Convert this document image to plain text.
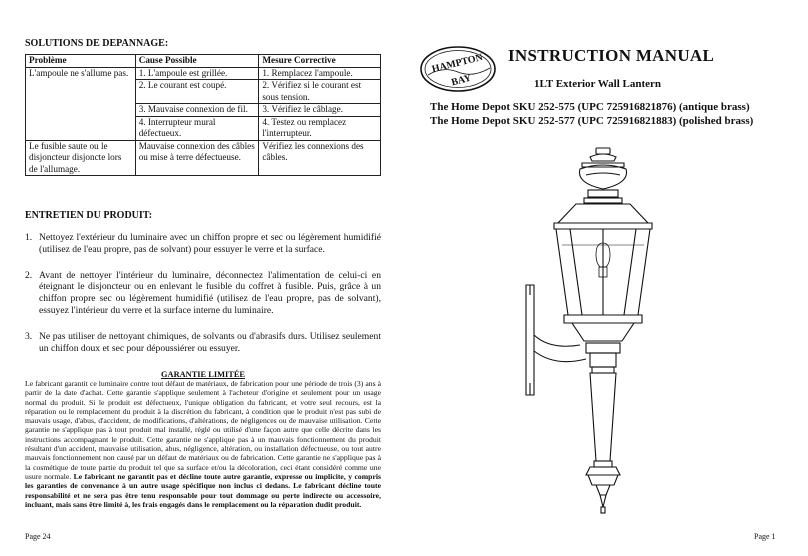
SOLUTIONS DE DEPANNAGE:
Problème	Cause Possible	Mesure Corrective
L'ampoule ne s'allume pas.	1. L'ampoule est grillée.	1. Remplacez l'ampoule.
	2. Le courant est coupé.	2. Vérifiez si le courant est sous tension.
	3. Mauvaise connexion de fil.	3. Vérifiez le câblage.
	4. Interrupteur mural défectueux.	4. Testez ou remplacez l'interrupteur.
Le fusible saute ou le disjoncteur disjoncte lors de l'allumage.	Mauvaise connexion des câbles ou mise à terre défectueuse.	Vérifiez les connexions des câbles.
ENTRETIEN DU PRODUIT:
1. Nettoyez l'extérieur du luminaire avec un chiffon propre et sec ou légèrement humidifié (utilisez de l'eau propre, pas de solvant) pour essuyer le verre et la surface.
2. Avant de nettoyer l'intérieur du luminaire, déconnectez l'alimentation de celui-ci en éteignant le disjoncteur ou en enlevant le fusible du coffret à fusible. Puis, grâce à un chiffon propre sec ou légèrement humidifié (utilisez de l'eau propre, pas de solvant), essuyez l'intérieur du verre et la surface interne du luminaire.
3. Ne pas utiliser de nettoyant chimiques, de solvants ou d'abrasifs durs. Utilisez seulement un chiffon doux et sec pour dépoussiérer ou essuyer.
GARANTIE LIMITÉE
Le fabricant garantit ce luminaire contre tout défaut de matériaux, de fabrication pour une période de trois (3) ans à partir de la date d'achat. Cette garantie s'applique seulement à l'acheteur d'origine et seulement pour un usage normal du produit. Si le produit est défectueux, l'unique obligation du fabricant, et votre seul recours, est la réparation ou le remplacement du produit à la discrétion du fabricant, à condition que le produit n'est pas subi de mauvais usage, d'abus, d'accident, de modifications, d'altérations, de négligences ou de mauvaise utilisation. Cette garantie ne s'applique pas à tout produit mal installé, réglé ou utilisé d'une façon autre que celle décrite dans les instructions accompagnant le produit. Cette garantie ne s'applique pas à un mauvais fonctionnement du produit résultant d'un accident, mauvaise utilisation, abus, négligence, altération, ou installation défectueuse, ou tout autre mauvais fonctionnement non causé par un défaut de matériaux ou de fabrication. Cette garantie ne s'applique pas à la cosmétique de toute partie du produit tel que sa surface et/ou la décoloration, ceci étant considéré comme une usure normale. Le fabricant ne garantit pas et décline toute autre garantie, expresse ou implicite, y compris les garanties de convenance à un autre usage spécifique non inclus ci dedans. Le fabricant décline toute responsabilité et ne sera pas être tenu responsable pour tout dommage ou perte indirecte ou accessoire, incluant, mais sans être limité à, les frais engagés dans le remplacement ou la réparation dudit produit.
Page 24
HAMPTON
BAY
INSTRUCTION MANUAL
1LT Exterior Wall Lantern
The Home Depot SKU 252-575 (UPC 725916821876) (antique brass)
The Home Depot SKU 252-577 (UPC 725916821883) (polished brass)
Page 1
